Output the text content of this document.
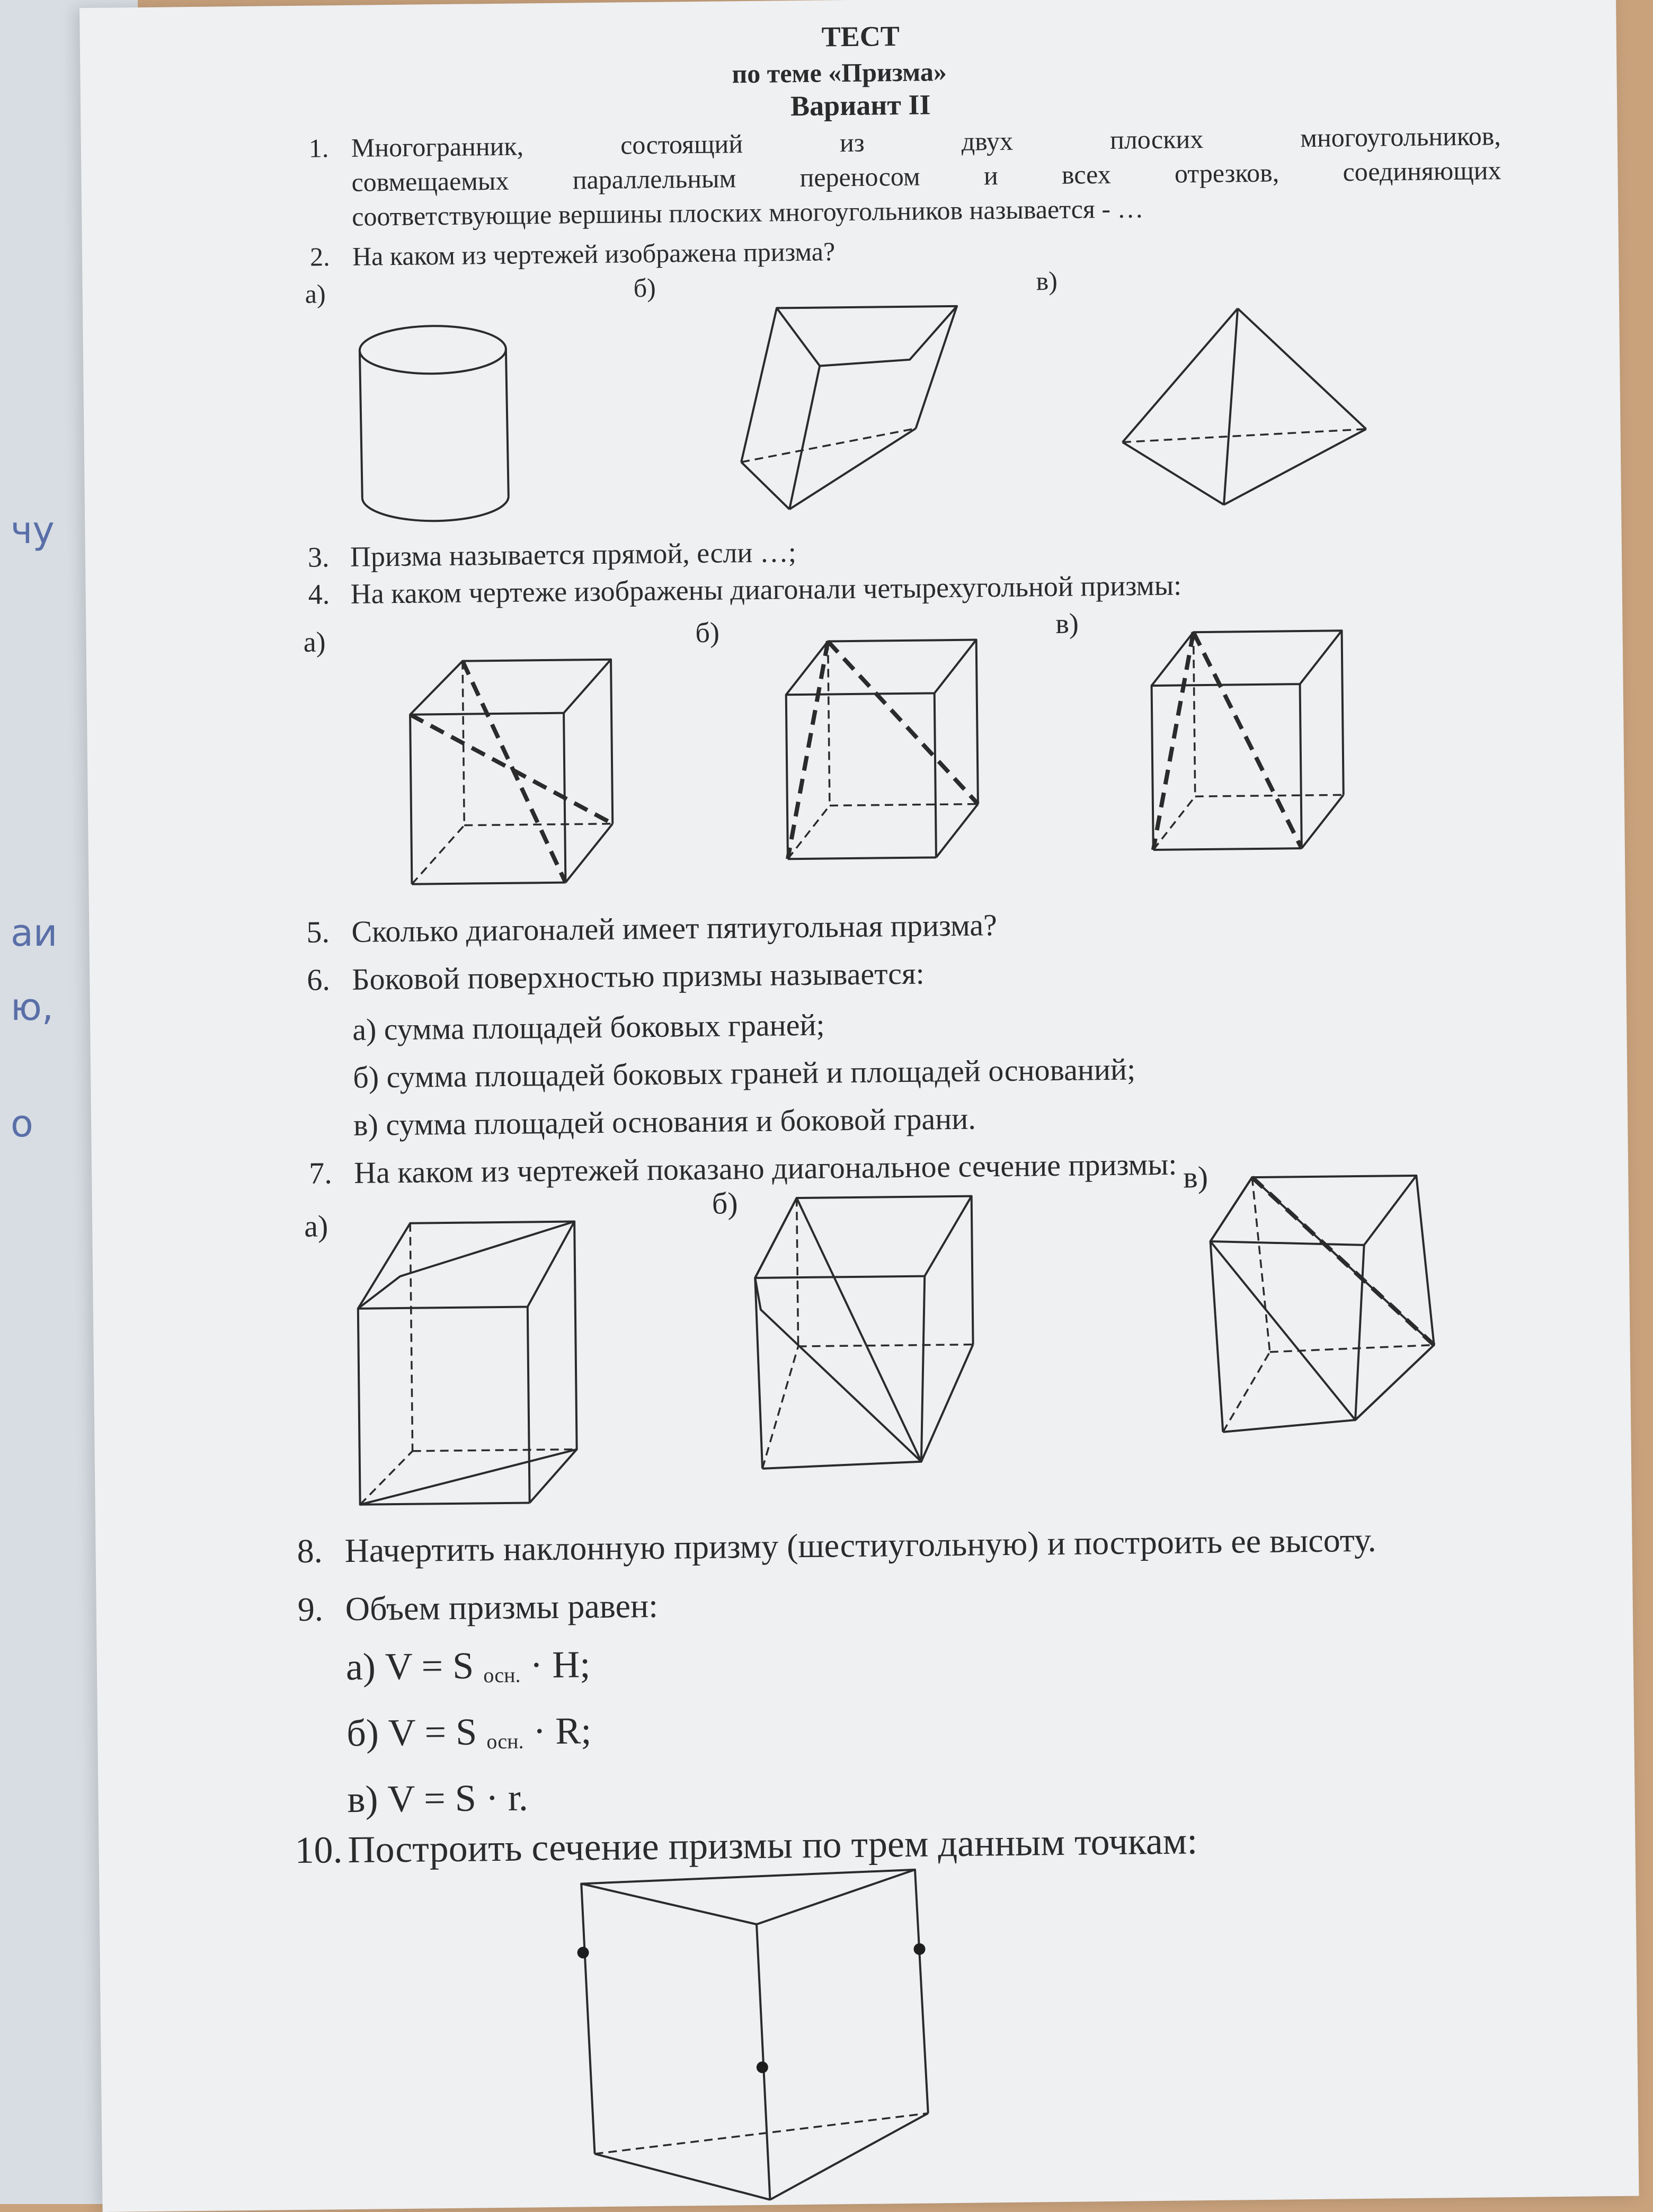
чу
аи
ю,
о
ТЕСТ
по теме «Призма»
Вариант II
1. Многогранник, состоящий из двух плоских многоугольников,
совмещаемых параллельным переносом и всех отрезков, соединяющих
соответствующие вершины плоских многоугольников называется - …
2. На каком из чертежей изображена призма?
а)	б)	в)
3. Призма называется прямой, если …;
4. На каком чертеже изображены диагонали четырехугольной призмы:
а)	б)	в)
5. Сколько диагоналей имеет пятиугольная призма?
6. Боковой поверхностью призмы называется:
а) сумма площадей боковых граней;
б) сумма площадей боковых граней и площадей оснований;
в) сумма площадей основания и боковой грани.
7. На каком из чертежей показано диагональное сечение призмы:
а)
б)
в)
8. Начертить наклонную призму (шестиугольную) и построить ее высоту.
9. Объем призмы равен:
а) V = S $_{осн.}$ · H;
б) V = S $_{осн.}$ · R;
в) V = S · r.
10. Построить сечение призмы по трем данным точкам:
